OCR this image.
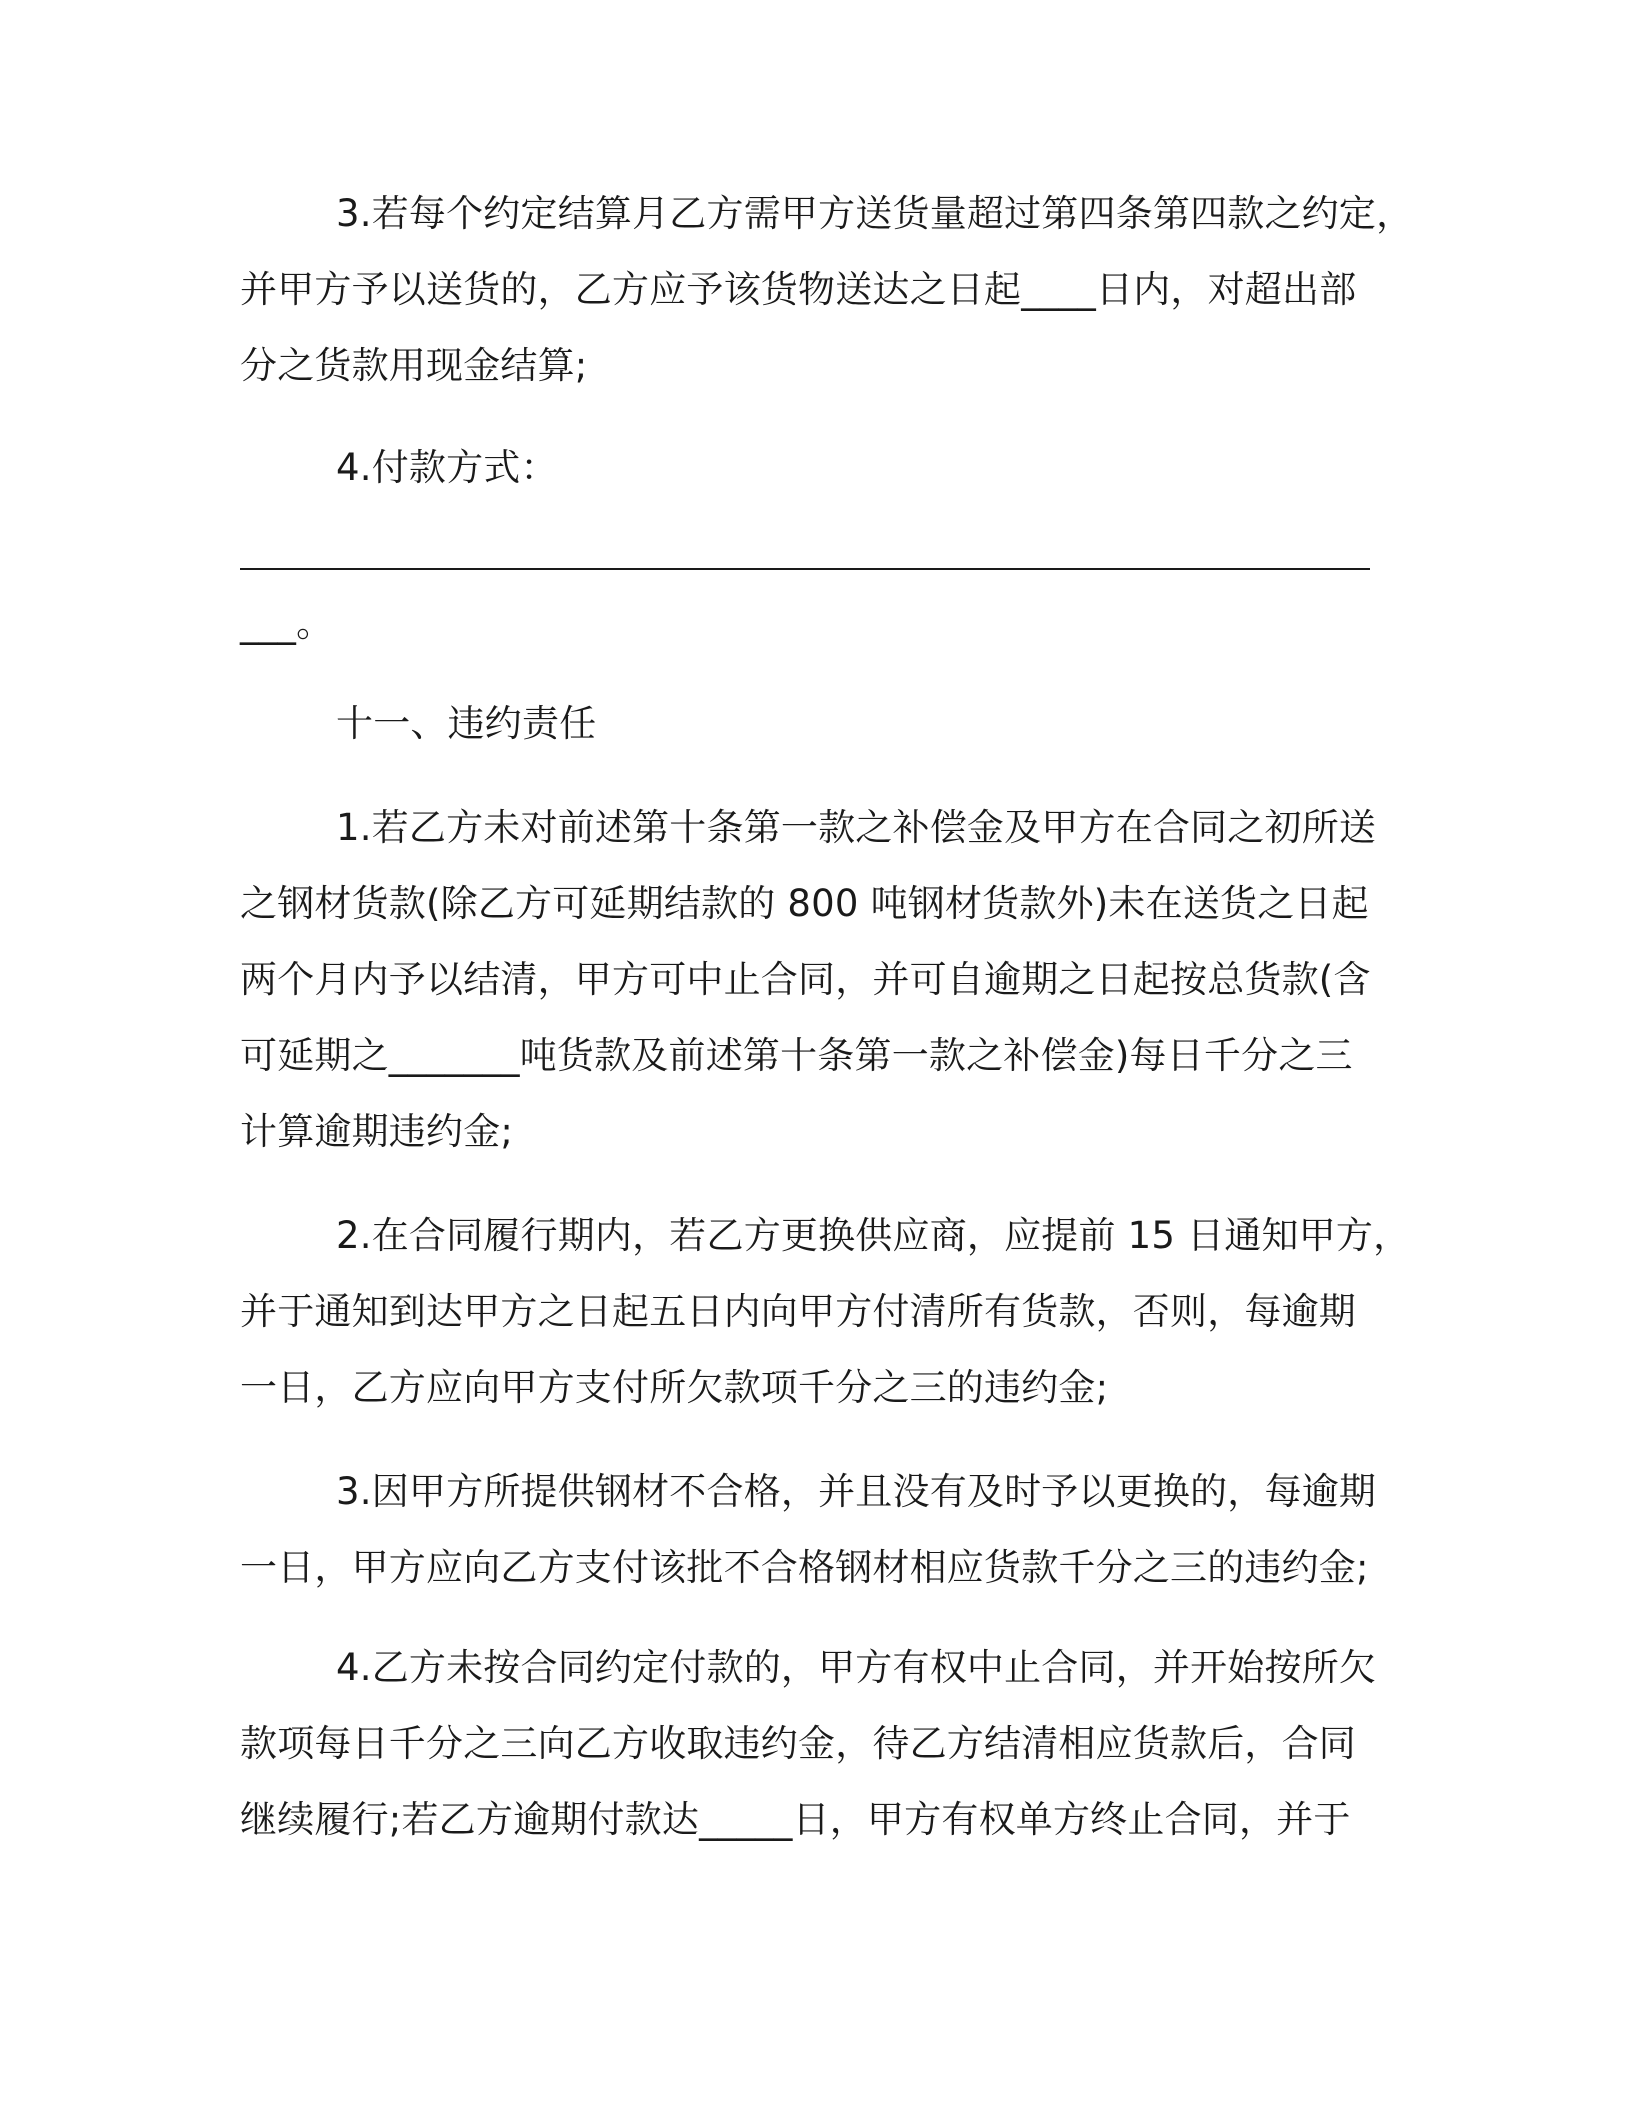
3.若每个约定结算月乙方需甲方送货量超过第四条第四款之约定，
并甲方予以送货的，乙方应予该货物送达之日起____日内，对超出部
分之货款用现金结算;
4.付款方式：
___。
十一、违约责任
1.若乙方未对前述第十条第一款之补偿金及甲方在合同之初所送
之钢材货款(除乙方可延期结款的 800 吨钢材货款外)未在送货之日起
两个月内予以结清，甲方可中止合同，并可自逾期之日起按总货款(含
可延期之_______吨货款及前述第十条第一款之补偿金)每日千分之三
计算逾期违约金;
2.在合同履行期内，若乙方更换供应商，应提前 15 日通知甲方，
并于通知到达甲方之日起五日内向甲方付清所有货款，否则，每逾期
一日，乙方应向甲方支付所欠款项千分之三的违约金;
3.因甲方所提供钢材不合格，并且没有及时予以更换的，每逾期
一日，甲方应向乙方支付该批不合格钢材相应货款千分之三的违约金;
4.乙方未按合同约定付款的，甲方有权中止合同，并开始按所欠
款项每日千分之三向乙方收取违约金，待乙方结清相应货款后，合同
继续履行;若乙方逾期付款达_____日，甲方有权单方终止合同，并于
